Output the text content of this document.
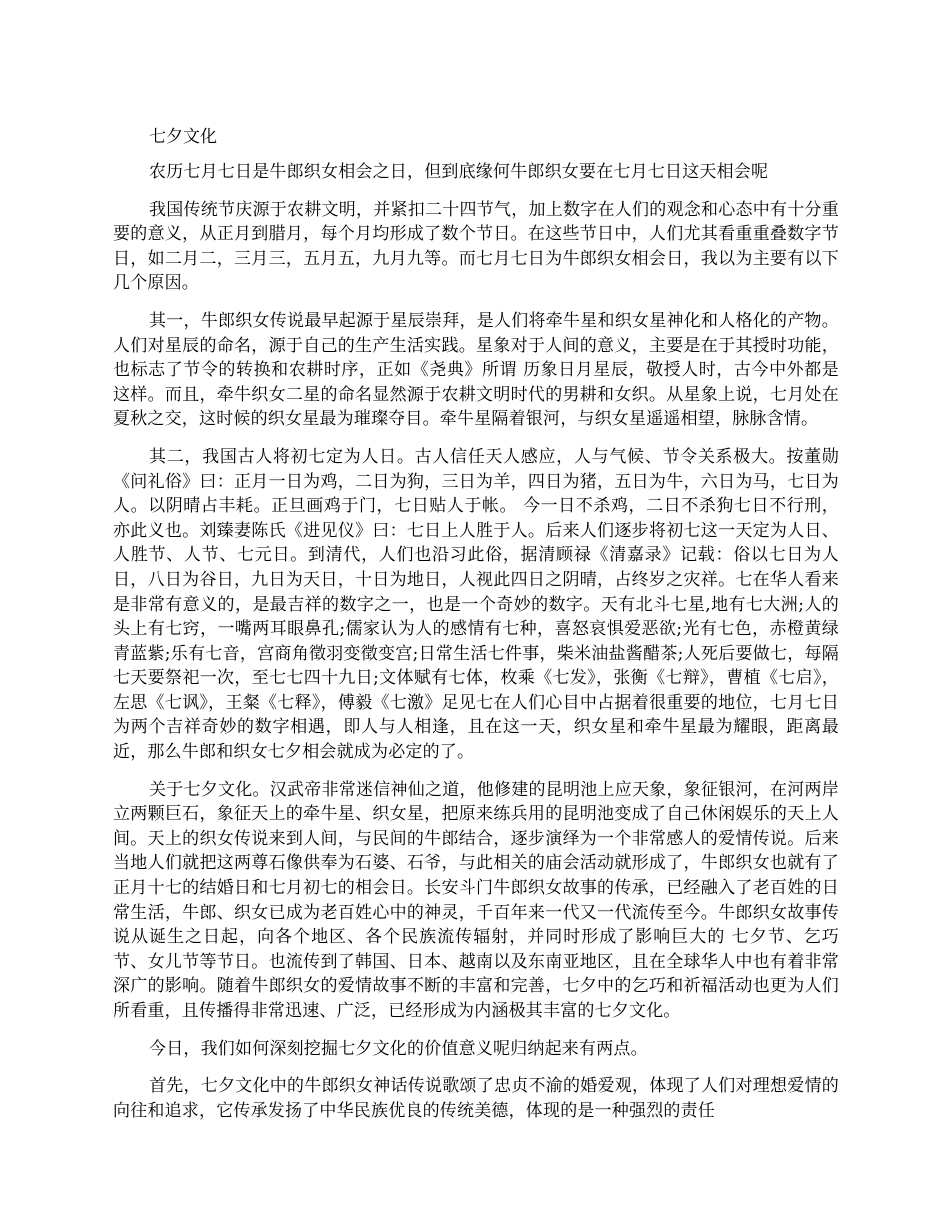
七夕文化

农历七月七日是牛郎织女相会之日，但到底缘何牛郎织女要在七月七日这天相会呢

我国传统节庆源于农耕文明，并紧扣二十四节气，加上数字在人们的观念和心态中有十分重要的意义，从正月到腊月，每个月均形成了数个节日。在这些节日中，人们尤其看重重叠数字节日，如二月二，三月三，五月五，九月九等。而七月七日为牛郎织女相会日，我以为主要有以下几个原因。

其一，牛郎织女传说最早起源于星辰崇拜，是人们将牵牛星和织女星神化和人格化的产物。人们对星辰的命名，源于自己的生产生活实践。星象对于人间的意义，主要是在于其授时功能，也标志了节令的转换和农耕时序，正如《尧典》所谓 历象日月星辰，敬授人时，古今中外都是这样。而且，牵牛织女二星的命名显然源于农耕文明时代的男耕和女织。从星象上说，七月处在夏秋之交，这时候的织女星最为璀璨夺目。牵牛星隔着银河，与织女星遥遥相望，脉脉含情。

其二，我国古人将初七定为人日。古人信任天人感应，人与气候、节令关系极大。按董勋《问礼俗》曰：正月一日为鸡，二日为狗，三日为羊，四日为猪，五日为牛，六日为马，七日为人。以阴晴占丰耗。正旦画鸡于门，七日贴人于帐。 今一日不杀鸡，二日不杀狗七日不行刑，亦此义也。刘臻妻陈氏《进见仪》曰：七日上人胜于人。后来人们逐步将初七这一天定为人日、人胜节、人节、七元日。到清代，人们也沿习此俗，据清顾禄《清嘉录》记载：俗以七日为人日，八日为谷日，九日为天日，十日为地日，人视此四日之阴晴，占终岁之灾祥。七在华人看来是非常有意义的，是最吉祥的数字之一，也是一个奇妙的数字。天有北斗七星,地有七大洲;人的头上有七窍，一嘴两耳眼鼻孔;儒家认为人的感情有七种，喜怒哀惧爱恶欲;光有七色，赤橙黄绿青蓝紫;乐有七音，宫商角徵羽变徵变宫;日常生活七件事，柴米油盐酱醋茶;人死后要做七，每隔七天要祭祀一次，至七七四十九日;文体赋有七体，枚乘《七发》，张衡《七辩》，曹植《七启》，左思《七讽》，王粲《七释》，傅毅《七激》足见七在人们心目中占据着很重要的地位，七月七日为两个吉祥奇妙的数字相遇，即人与人相逢，且在这一天，织女星和牵牛星最为耀眼，距离最近，那么牛郎和织女七夕相会就成为必定的了。

关于七夕文化。汉武帝非常迷信神仙之道，他修建的昆明池上应天象，象征银河，在河两岸立两颗巨石，象征天上的牵牛星、织女星，把原来练兵用的昆明池变成了自己休闲娱乐的天上人间。天上的织女传说来到人间，与民间的牛郎结合，逐步演绎为一个非常感人的爱情传说。后来当地人们就把这两尊石像供奉为石婆、石爷，与此相关的庙会活动就形成了，牛郎织女也就有了正月十七的结婚日和七月初七的相会日。长安斗门牛郎织女故事的传承，已经融入了老百姓的日常生活，牛郎、织女已成为老百姓心中的神灵，千百年来一代又一代流传至今。牛郎织女故事传说从诞生之日起，向各个地区、各个民族流传辐射，并同时形成了影响巨大的 七夕节、乞巧节、女儿节等节日。也流传到了韩国、日本、越南以及东南亚地区，且在全球华人中也有着非常深广的影响。随着牛郎织女的爱情故事不断的丰富和完善，七夕中的乞巧和祈福活动也更为人们所看重，且传播得非常迅速、广泛，已经形成为内涵极其丰富的七夕文化。

今日，我们如何深刻挖掘七夕文化的价值意义呢归纳起来有两点。

首先，七夕文化中的牛郎织女神话传说歌颂了忠贞不渝的婚爱观，体现了人们对理想爱情的向往和追求，它传承发扬了中华民族优良的传统美德，体现的是一种强烈的责任
